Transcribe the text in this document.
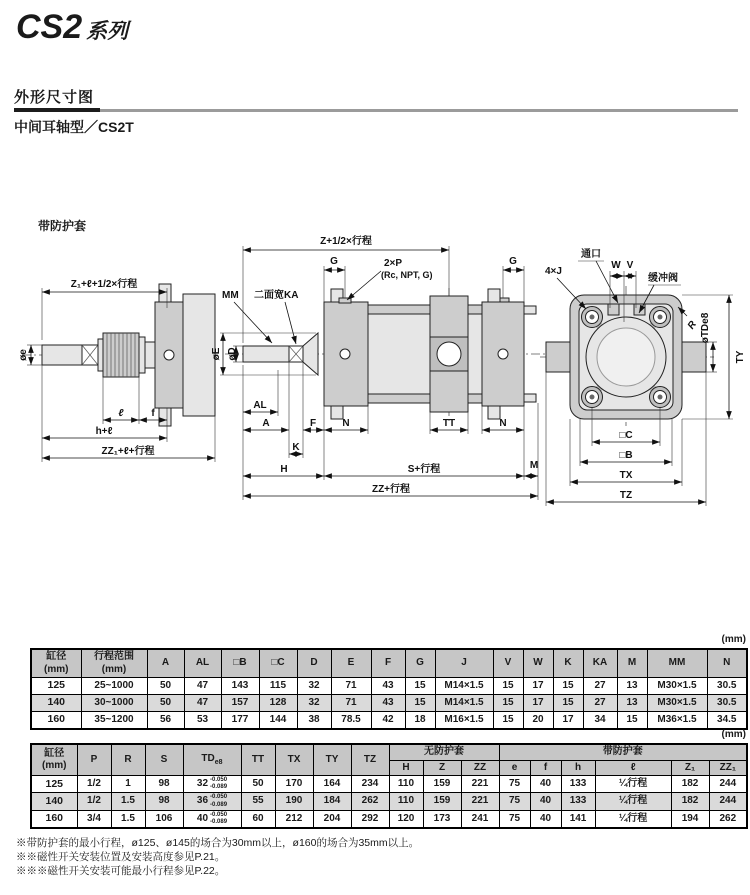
CS2 系列
外形尺寸图
中间耳轴型／CS2T
带防护套
Z₁+ℓ+1/2×行程
øe
ℓ	f
h+ℓ
ZZ₁+ℓ+行程
Z+1/2×行程
G	G
2×P
(Rc, NPT, G)
MM 二面宽KA
øE øD
AL
A	F	N	TT	N
K
H	S+行程	M
ZZ+行程
通口
W V
缓冲阀
4×J
R øTDe8
TY
□C
□B
TX
TZ
(mm)
缸径
(mm)	行程范围
(mm)	A	AL	□B	□C	D	E	F	G	J	V	W	K	KA	M	MM	N
125	25~1000	50	47	143	115	32	71	43	15	M14×1.5	15	17	15	27	13	M30×1.5	30.5
140	30~1000	50	47	157	128	32	71	43	15	M14×1.5	15	17	15	27	13	M30×1.5	30.5
160	35~1200	56	53	177	144	38	78.5	42	18	M16×1.5	15	20	17	34	15	M36×1.5	34.5
(mm)
缸径
(mm)	P	R	S	$TD_{e8}$	TT	TX	TY	TZ	无防护套			带防护套					
									H	Z	ZZ	e	f	h	ℓ	Z₁	ZZ₁
125	1/2	1	98	32 -0.050
-0.089	50	170	164	234	110	159	221	75	40	133	¼行程	182	244
140	1/2	1.5	98	36 -0.050
-0.089	55	190	184	262	110	159	221	75	40	133	¼行程	182	244
160	3/4	1.5	106	40 -0.050
-0.089	60	212	204	292	120	173	241	75	40	141	¼行程	194	262
※带防护套的最小行程，ø125、ø145的场合为30mm以上，ø160的场合为35mm以上。
※※磁性开关安装位置及安装高度参见P.21。
※※※磁性开关安装可能最小行程参见P.22。
